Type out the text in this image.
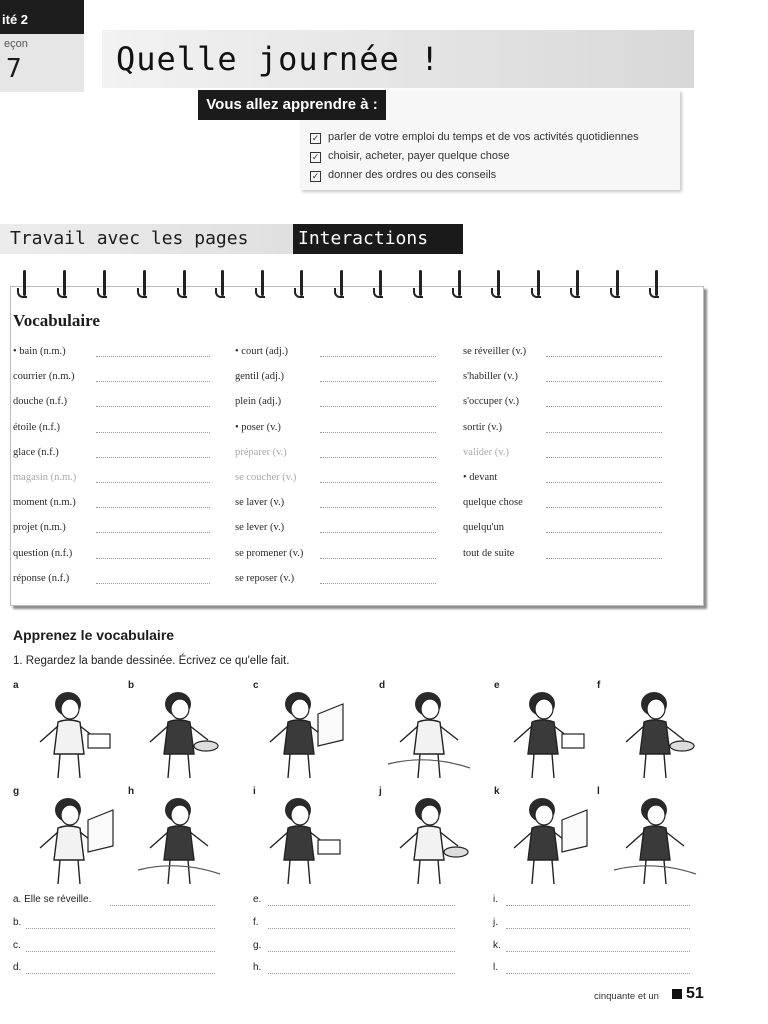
ité 2
eçon
7	Quelle journée !
Vous allez apprendre à :
✓ parler de votre emploi du temps et de vos activités quotidiennes
✓ choisir, acheter, payer quelque chose
✓ donner des ordres ou des conseils
Travail avec les pages	Interactions
Vocabulaire
• bain (n.m.)
courrier (n.m.)
douche (n.f.)
étoile (n.f.)
glace (n.f.)
magasin (n.m.)
moment (n.m.)
projet (n.m.)
question (n.f.)
réponse (n.f.)
• court (adj.)
gentil (adj.)
plein (adj.)
• poser (v.)
préparer (v.)
se coucher (v.)
se laver (v.)
se lever (v.)
se promener (v.)
se reposer (v.)
se réveiller (v.)
s'habiller (v.)
s'occuper (v.)
sortir (v.)
valider (v.)
• devant
quelque chose
quelqu'un
tout de suite
Apprenez le vocabulaire
1. Regardez la bande dessinée. Écrivez ce qu'elle fait.
a	b	c	d	e	f
g	h	i	j	k	l
a. Elle se réveille.
b.
c.
d.
e.
f.
g.
h.
i.
j.
k.
l.
cinquante et un 51
